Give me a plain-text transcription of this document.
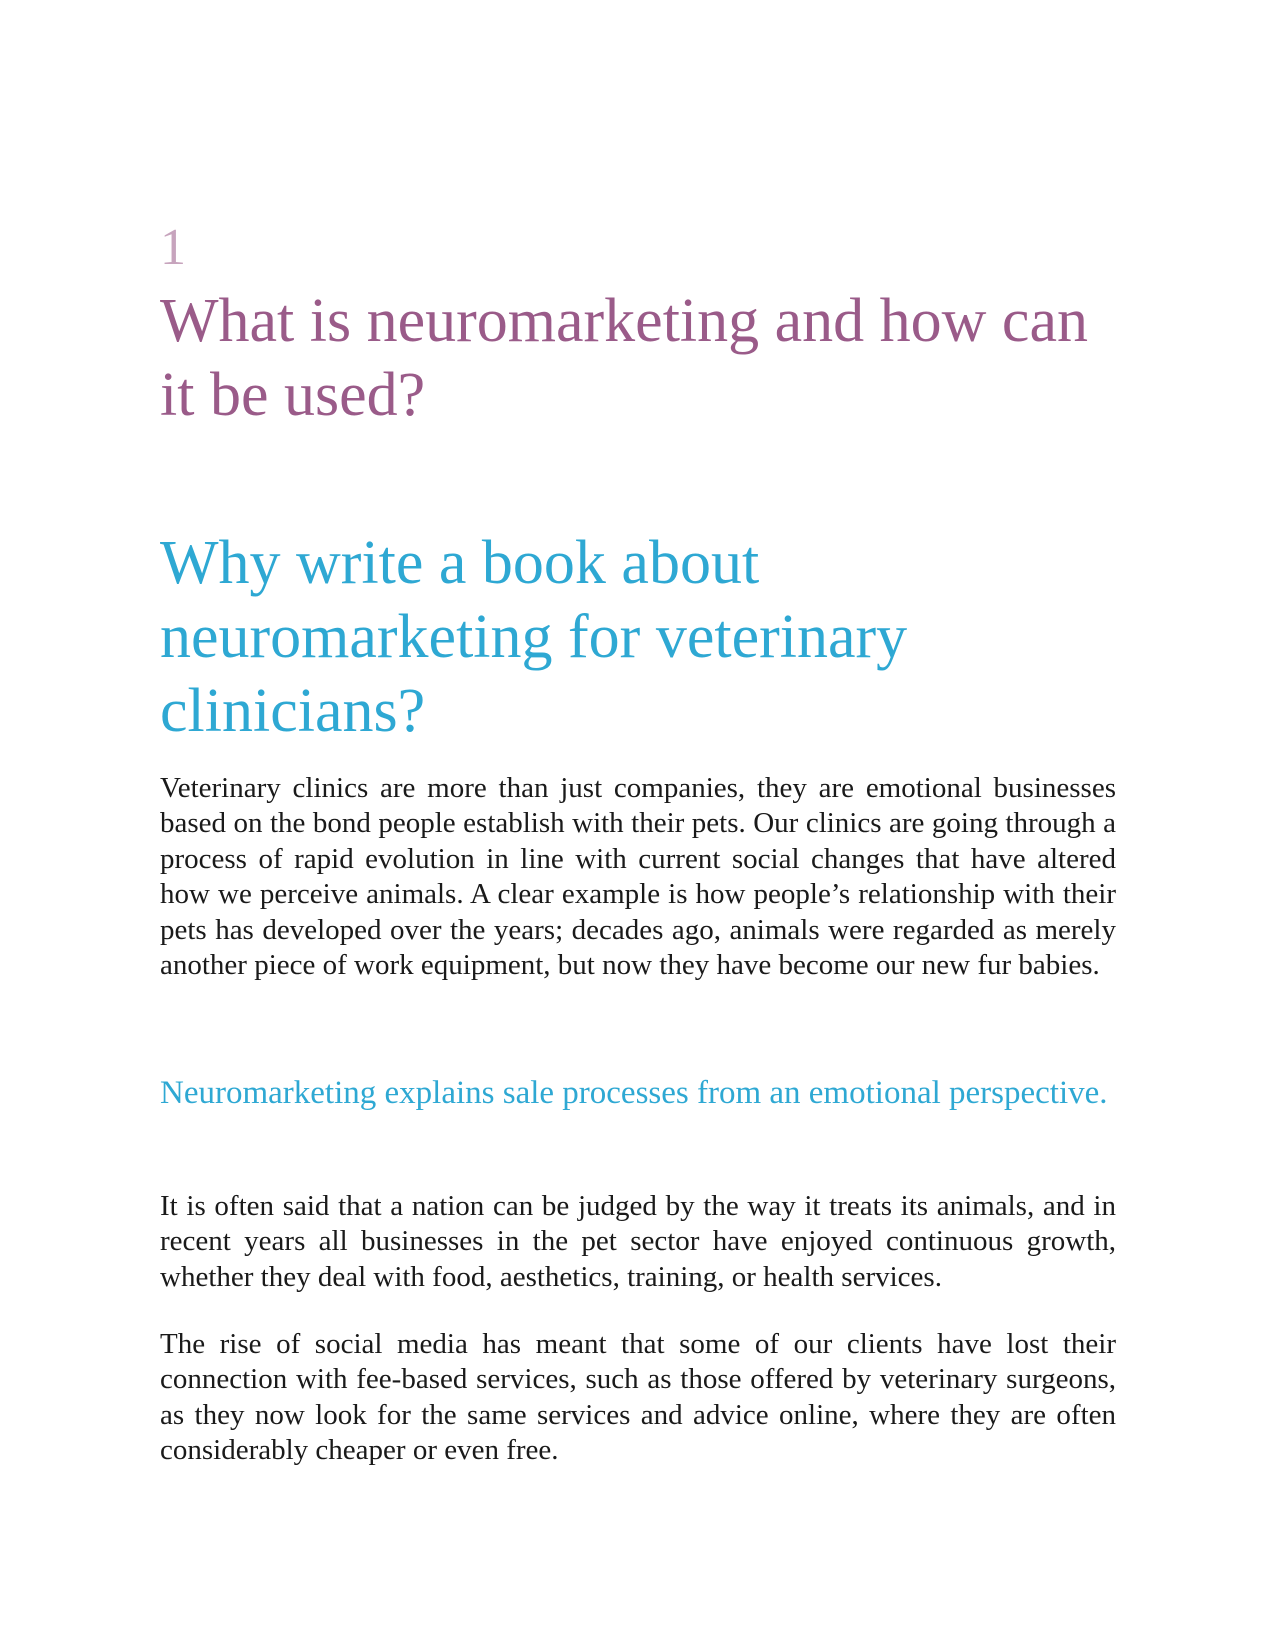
1
What is neuromarketing and how can it be used?
Why write a book about neuromarketing for veterinary clinicians?

Veterinary clinics are more than just companies, they are emotional businesses based on the bond people establish with their pets. Our clinics are going through a process of rapid evolution in line with current social changes that have altered how we perceive animals. A clear example is how people’s relationship with their pets has developed over the years; decades ago, animals were regarded as merely another piece of work equipment, but now they have become our new fur babies.

Neuromarketing explains sale processes from an emotional perspective.

It is often said that a nation can be judged by the way it treats its animals, and in recent years all businesses in the pet sector have enjoyed continuous growth, whether they deal with food, aesthetics, training, or health services.

The rise of social media has meant that some of our clients have lost their connection with fee-based services, such as those offered by veterinary surgeons, as they now look for the same services and advice online, where they are often considerably cheaper or even free.
